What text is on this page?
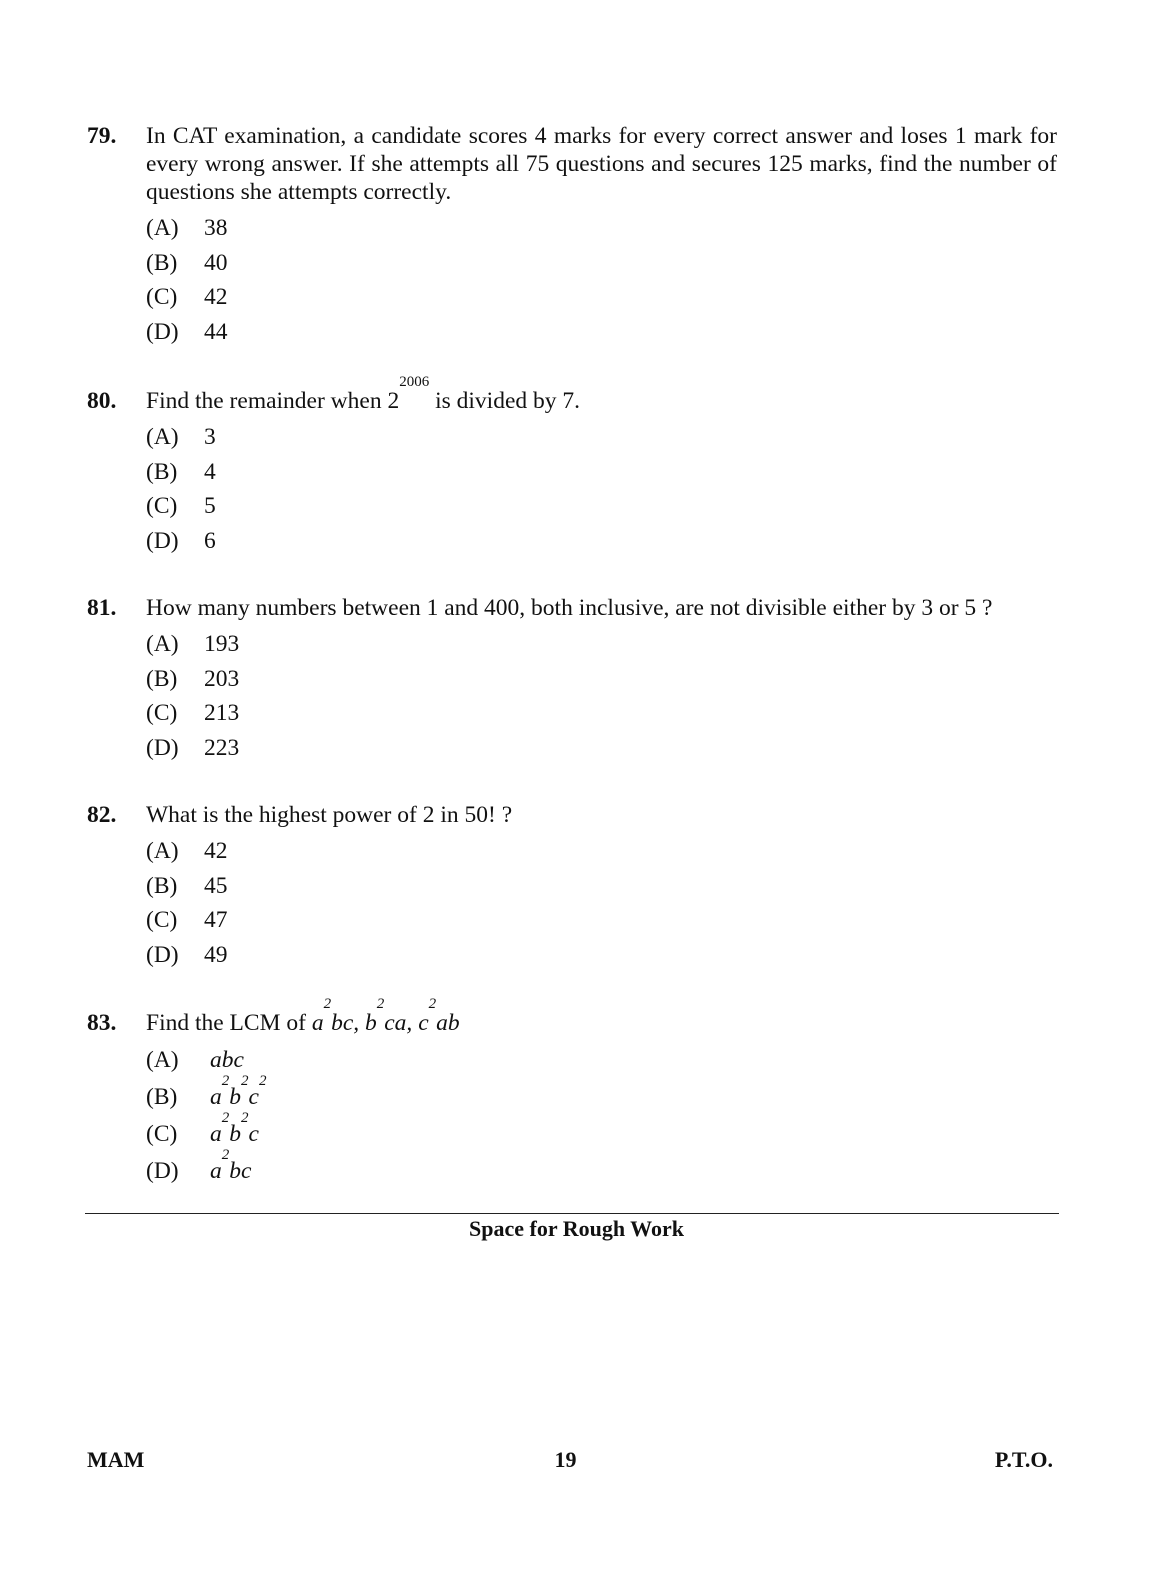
79. In CAT examination, a candidate scores 4 marks for every correct answer and loses 1 mark for every wrong answer. If she attempts all 75 questions and secures 125 marks, find the number of questions she attempts correctly.
(A) 38
(B) 40
(C) 42
(D) 44
80. Find the remainder when $2^{2006}$ is divided by 7.
(A) 3
(B) 4
(C) 5
(D) 6
81. How many numbers between 1 and 400, both inclusive, are not divisible either by 3 or 5 ?
(A) 193
(B) 203
(C) 213
(D) 223
82. What is the highest power of 2 in 50! ?
(A) 42
(B) 45
(C) 47
(D) 49
83. Find the LCM of $a^2bc$, $b^2ca$, $c^2ab$
(A) abc
(B) $a^2b^2c^2$
(C) $a^2b^2c$
(D) $a^2bc$
Space for Rough Work
MAM	19	P.T.O.
